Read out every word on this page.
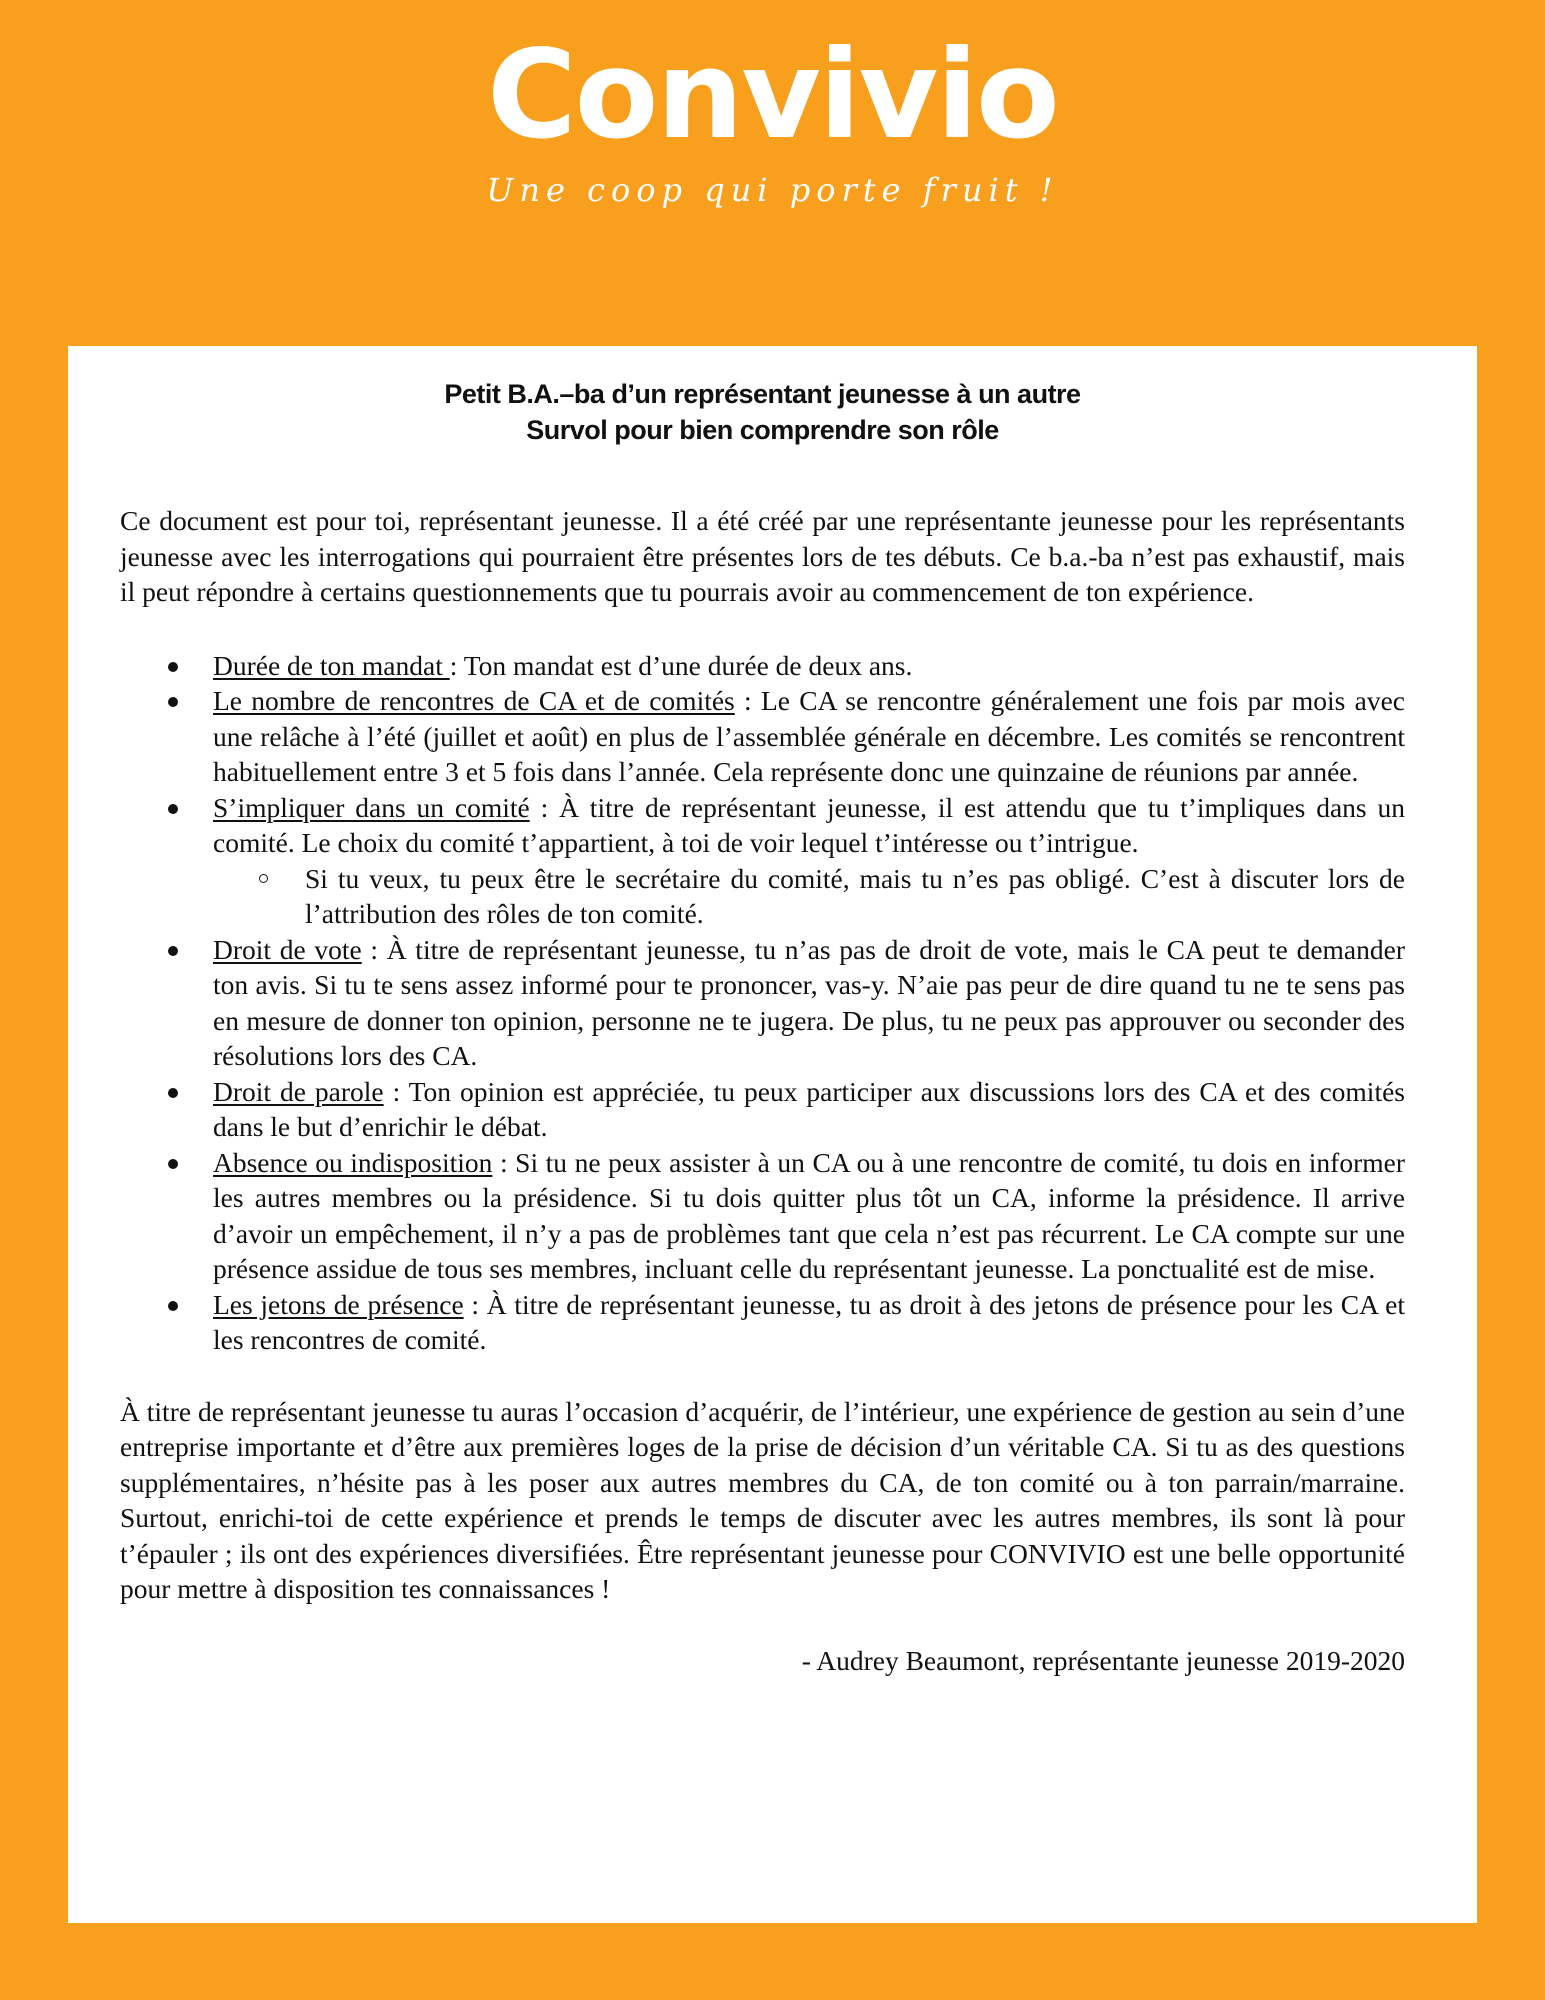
Convivio
Une coop qui porte fruit !
Petit B.A.–ba d’un représentant jeunesse à un autre
Survol pour bien comprendre son rôle

Ce document est pour toi, représentant jeunesse. Il a été créé par une représentante jeunesse pour les représentants jeunesse avec les interrogations qui pourraient être présentes lors de tes débuts. Ce b.a.-ba n’est pas exhaustif, mais il peut répondre à certains questionnements que tu pourrais avoir au commencement de ton expérience.

Durée de ton mandat : Ton mandat est d’une durée de deux ans.
Le nombre de rencontres de CA et de comités : Le CA se rencontre généralement une fois par mois avec une relâche à l’été (juillet et août) en plus de l’assemblée générale en décembre. Les comités se rencontrent habituellement entre 3 et 5 fois dans l’année. Cela représente donc une quinzaine de réunions par année.
S’impliquer dans un comité : À titre de représentant jeunesse, il est attendu que tu t’impliques dans un comité. Le choix du comité t’appartient, à toi de voir lequel t’intéresse ou t’intrigue.
Si tu veux, tu peux être le secrétaire du comité, mais tu n’es pas obligé. C’est à discuter lors de l’attribution des rôles de ton comité.
Droit de vote : À titre de représentant jeunesse, tu n’as pas de droit de vote, mais le CA peut te demander ton avis. Si tu te sens assez informé pour te prononcer, vas-y. N’aie pas peur de dire quand tu ne te sens pas en mesure de donner ton opinion, personne ne te jugera. De plus, tu ne peux pas approuver ou seconder des résolutions lors des CA.
Droit de parole : Ton opinion est appréciée, tu peux participer aux discussions lors des CA et des comités dans le but d’enrichir le débat.
Absence ou indisposition : Si tu ne peux assister à un CA ou à une rencontre de comité, tu dois en informer les autres membres ou la présidence. Si tu dois quitter plus tôt un CA, informe la présidence. Il arrive d’avoir un empêchement, il n’y a pas de problèmes tant que cela n’est pas récurrent. Le CA compte sur une présence assidue de tous ses membres, incluant celle du représentant jeunesse. La ponctualité est de mise.
Les jetons de présence : À titre de représentant jeunesse, tu as droit à des jetons de présence pour les CA et les rencontres de comité.

À titre de représentant jeunesse tu auras l’occasion d’acquérir, de l’intérieur, une expérience de gestion au sein d’une entreprise importante et d’être aux premières loges de la prise de décision d’un véritable CA. Si tu as des questions supplémentaires, n’hésite pas à les poser aux autres membres du CA, de ton comité ou à ton parrain/marraine. Surtout, enrichi-toi de cette expérience et prends le temps de discuter avec les autres membres, ils sont là pour t’épauler ; ils ont des expériences diversifiées. Être représentant jeunesse pour CONVIVIO est une belle opportunité pour mettre à disposition tes connaissances !

- Audrey Beaumont, représentante jeunesse 2019-2020
